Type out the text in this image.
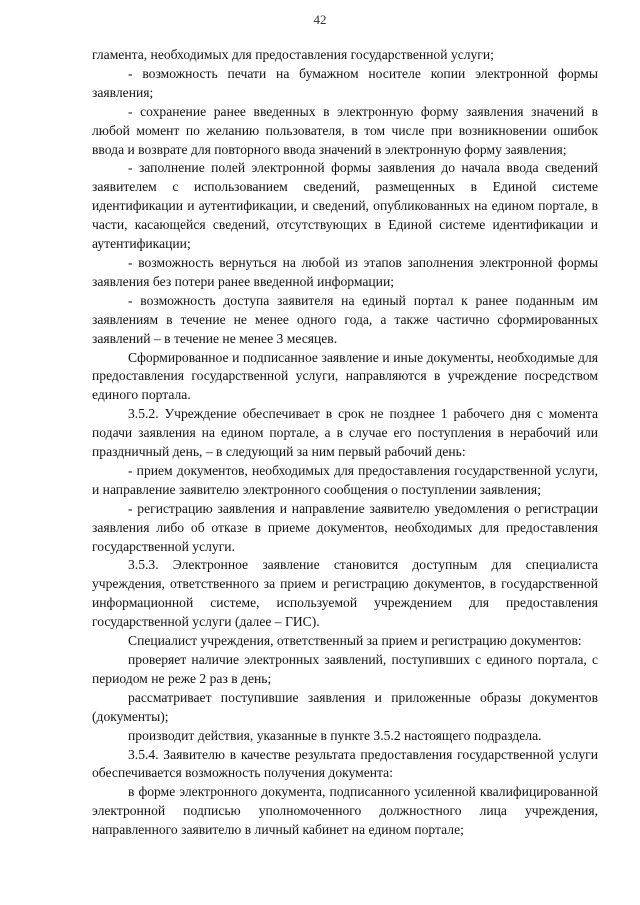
42

гламента, необходимых для предоставления государственной услуги;

- возможность печати на бумажном носителе копии электронной формы заявления;

- сохранение ранее введенных в электронную форму заявления значений в любой момент по желанию пользователя, в том числе при возникновении ошибок ввода и возврате для повторного ввода значений в электронную форму заявления;

- заполнение полей электронной формы заявления до начала ввода сведений заявителем с использованием сведений, размещенных в Единой системе идентификации и аутентификации, и сведений, опубликованных на едином портале, в части, касающейся сведений, отсутствующих в Единой системе идентификации и аутентификации;

- возможность вернуться на любой из этапов заполнения электронной формы заявления без потери ранее введенной информации;

- возможность доступа заявителя на единый портал к ранее поданным им заявлениям в течение не менее одного года, а также частично сформированных заявлений – в течение не менее 3 месяцев.

Сформированное и подписанное заявление и иные документы, необходимые для предоставления государственной услуги, направляются в учреждение посредством единого портала.

3.5.2. Учреждение обеспечивает в срок не позднее 1 рабочего дня с момента подачи заявления на едином портале, а в случае его поступления в нерабочий или праздничный день, – в следующий за ним первый рабочий день:

- прием документов, необходимых для предоставления государственной услуги, и направление заявителю электронного сообщения о поступлении заявления;

- регистрацию заявления и направление заявителю уведомления о регистрации заявления либо об отказе в приеме документов, необходимых для предоставления государственной услуги.

3.5.3. Электронное заявление становится доступным для специалиста учреждения, ответственного за прием и регистрацию документов, в государственной информационной системе, используемой учреждением для предоставления государственной услуги (далее – ГИС).

Специалист учреждения, ответственный за прием и регистрацию документов:

проверяет наличие электронных заявлений, поступивших с единого портала, с периодом не реже 2 раз в день;

рассматривает поступившие заявления и приложенные образы документов (документы);

производит действия, указанные в пункте 3.5.2 настоящего подраздела.

3.5.4. Заявителю в качестве результата предоставления государственной услуги обеспечивается возможность получения документа:

в форме электронного документа, подписанного усиленной квалифицированной электронной подписью уполномоченного должностного лица учреждения, направленного заявителю в личный кабинет на едином портале;
